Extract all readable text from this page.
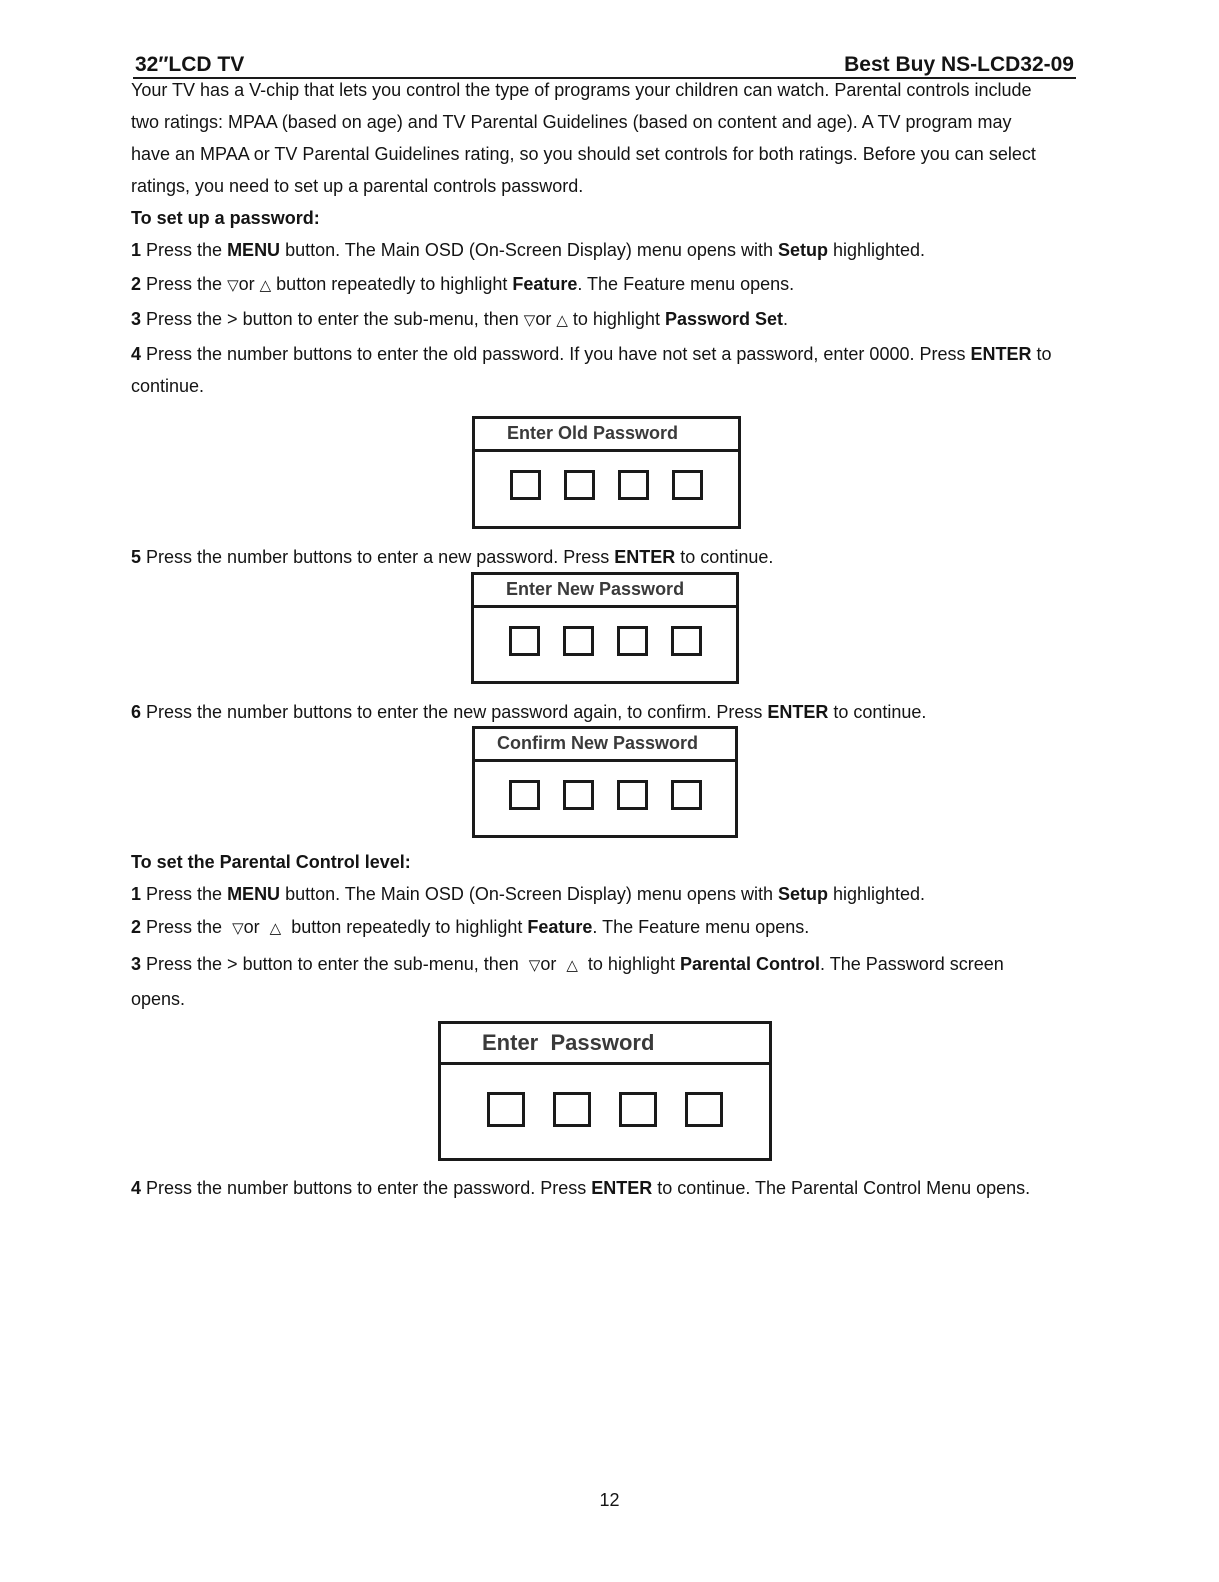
32″LCD TV	Best Buy NS-LCD32-09
Your TV has a V-chip that lets you control the type of programs your children can watch. Parental controls include
two ratings: MPAA (based on age) and TV Parental Guidelines (based on content and age). A TV program may
have an MPAA or TV Parental Guidelines rating, so you should set controls for both ratings. Before you can select
ratings, you need to set up a parental controls password.
To set up a password:
1 Press the MENU button. The Main OSD (On-Screen Display) menu opens with Setup highlighted.
2 Press the ▽or △ button repeatedly to highlight Feature. The Feature menu opens.
3 Press the > button to enter the sub-menu, then ▽or △ to highlight Password Set.
4 Press the number buttons to enter the old password. If you have not set a password, enter 0000. Press ENTER to
continue.
Enter Old Password
5 Press the number buttons to enter a new password. Press ENTER to continue.
Enter New Password
6 Press the number buttons to enter the new password again, to confirm. Press ENTER to continue.
Confirm New Password
To set the Parental Control level:
1 Press the MENU button. The Main OSD (On-Screen Display) menu opens with Setup highlighted.
2 Press the  ▽or  △  button repeatedly to highlight Feature. The Feature menu opens.
3 Press the > button to enter the sub-menu, then  ▽or  △  to highlight Parental Control. The Password screen
opens.
Enter  Password
4 Press the number buttons to enter the password. Press ENTER to continue. The Parental Control Menu opens.
12
